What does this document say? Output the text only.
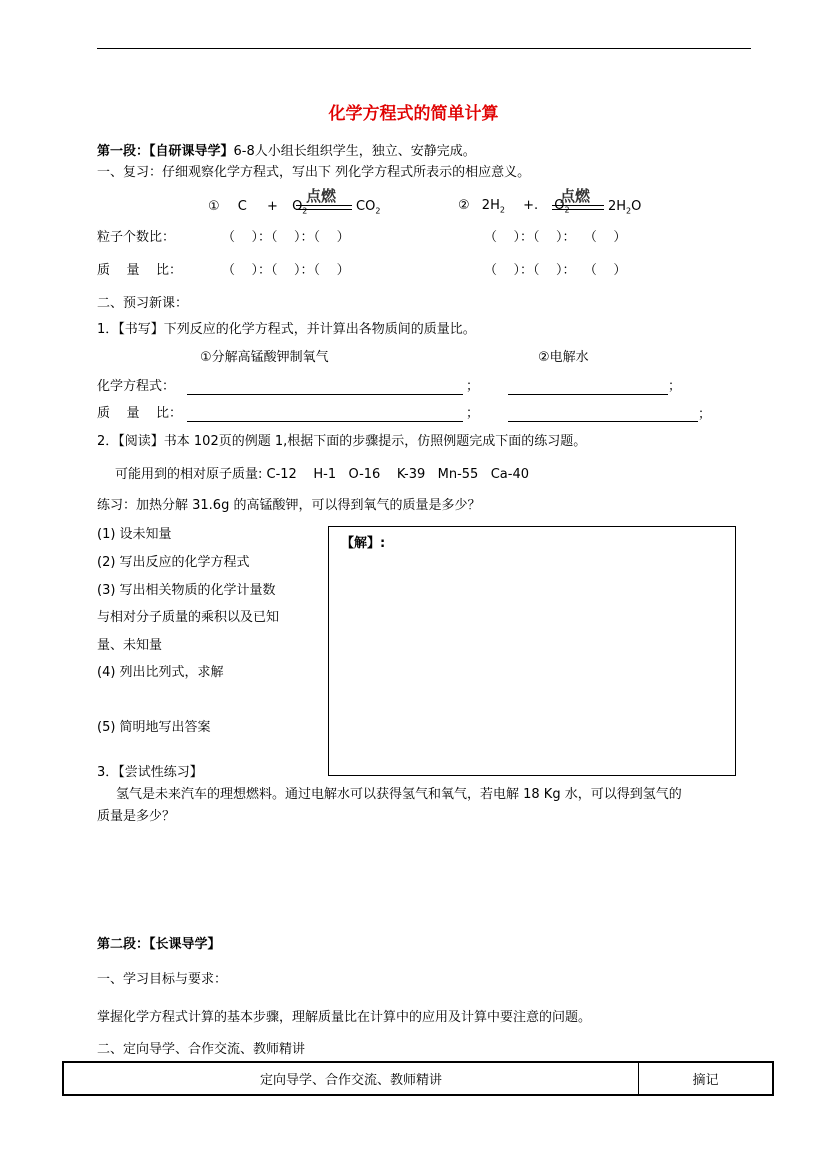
化学方程式的简单计算
第一段：【自研课导学】6-8人小组长组织学生，独立、安静完成。
一、复习：仔细观察化学方程式，写出下 列化学方程式所表示的相应意义。
① $C + O_2$
点燃
$CO_2$	② $2H_2$ +. $O_2$
点燃
$2H_2O$
粒子个数比：	（    ）：（    ）：（    ）	（    ）：（    ）：  （    ）
质    量    比：	（    ）：（    ）：（    ）	（    ）：（    ）：  （    ）
二、预习新课：
1．【书写】下列反应的化学方程式，并计算出各物质间的质量比。
①分解高锰酸钾制氧气	②电解水
化学方程式：	；	；
质    量    比：	；	；
2．【阅读】书本 102页的例题 1,根据下面的步骤提示，仿照例题完成下面的练习题。
可能用到的相对原子质量: C-12    H-1   O-16    K-39   Mn-55   Ca-40
练习：加热分解 31.6g 的高锰酸钾，可以得到氧气的质量是多少？
(1) 设未知量
(2) 写出反应的化学方程式
(3) 写出相关物质的化学计量数
与相对分子质量的乘积以及已知
量、未知量
(4) 列出比列式，求解
(5) 简明地写出答案
【解】:
3．【尝试性练习】
氢气是未来汽车的理想燃料。通过电解水可以获得氢气和氧气，若电解 18 Kg 水，可以得到氢气的
质量是多少？
第二段：【长课导学】
一、学习目标与要求：
掌握化学方程式计算的基本步骤，理解质量比在计算中的应用及计算中要注意的问题。
二、定向导学、合作交流、教师精讲
定向导学、合作交流、教师精讲	摘记
